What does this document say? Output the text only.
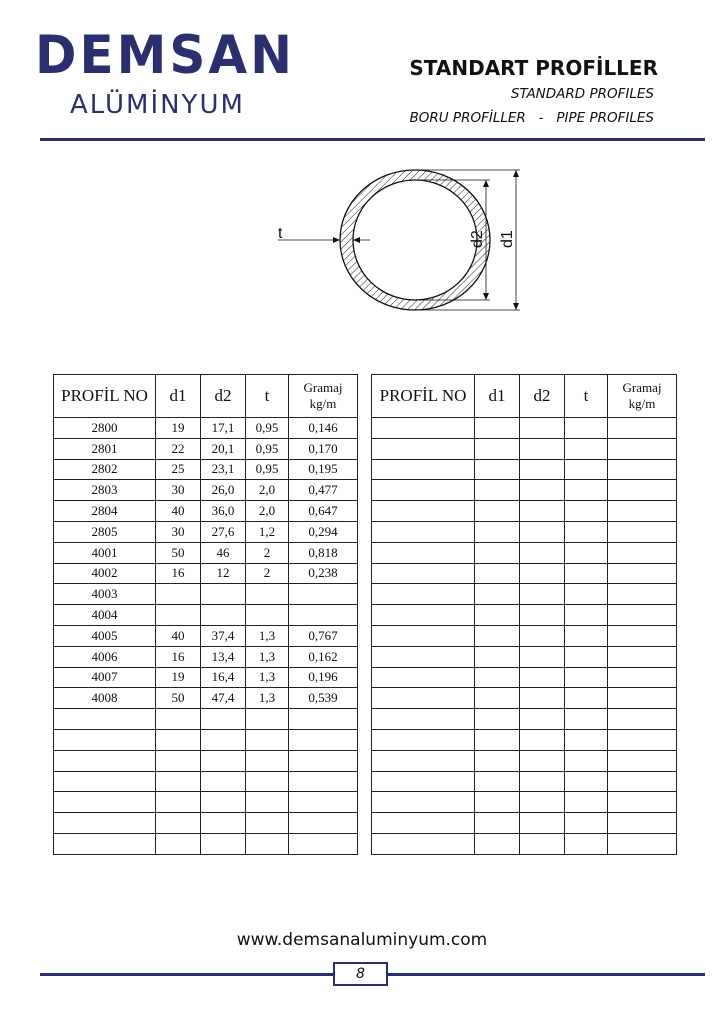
DEMSAN
ALÜMİNYUM
STANDART PROFİLLER
STANDARD PROFILES
BORU PROFİLLER   -   PIPE PROFILES
t	d2 d1
PROFİL NO	d1	d2	t	Gramaj
kg/m
2800	19	17,1	0,95	0,146
2801	22	20,1	0,95	0,170
2802	25	23,1	0,95	0,195
2803	30	26,0	2,0	0,477
2804	40	36,0	2,0	0,647
2805	30	27,6	1,2	0,294
4001	50	46	2	0,818
4002	16	12	2	0,238
4003				
4004				
4005	40	37,4	1,3	0,767
4006	16	13,4	1,3	0,162
4007	19	16,4	1,3	0,196
4008	50	47,4	1,3	0,539

PROFİL NO	d1	d2	t	Gramaj
kg/m

www.demsanaluminyum.com
8
